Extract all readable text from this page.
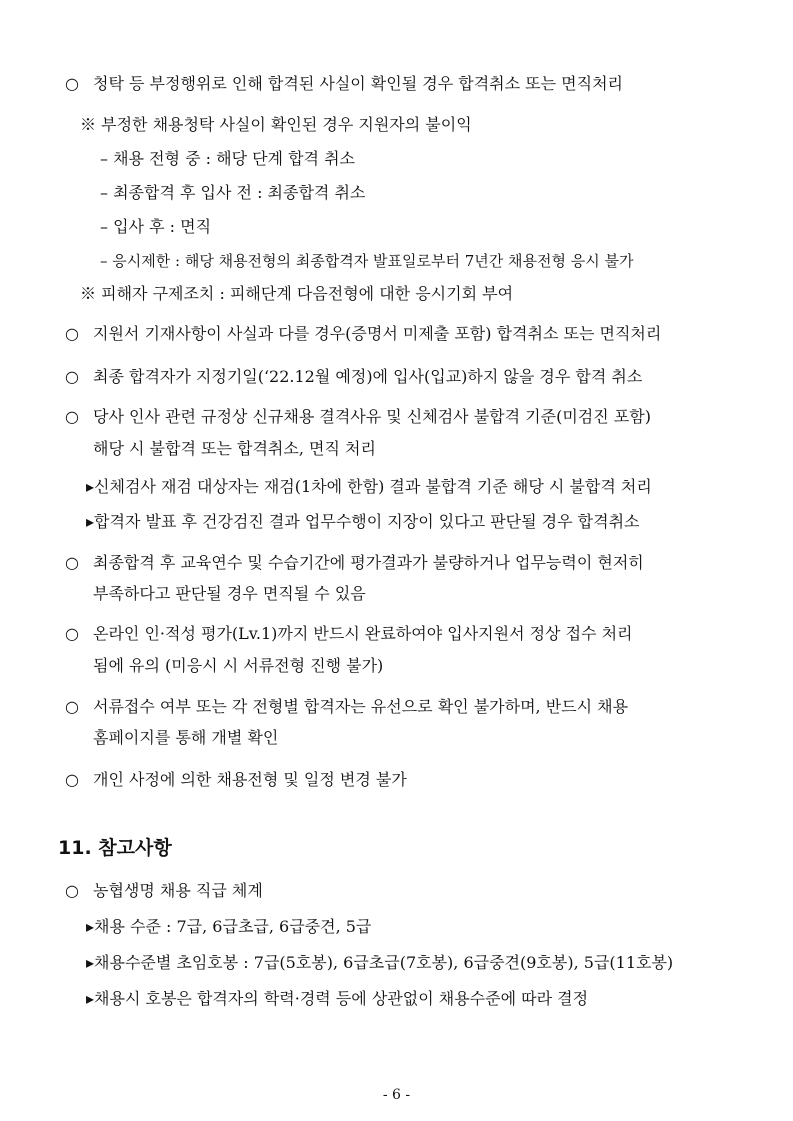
○ 청탁 등 부정행위로 인해 합격된 사실이 확인될 경우 합격취소 또는 면직처리
※ 부정한 채용청탁 사실이 확인된 경우 지원자의 불이익
– 채용 전형 중 : 해당 단계 합격 취소
– 최종합격 후 입사 전 : 최종합격 취소
– 입사 후 : 면직
– 응시제한 : 해당 채용전형의 최종합격자 발표일로부터 7년간 채용전형 응시 불가
※ 피해자 구제조치 : 피해단계 다음전형에 대한 응시기회 부여
○ 지원서 기재사항이 사실과 다를 경우(증명서 미제출 포함) 합격취소 또는 면직처리
○ 최종 합격자가 지정기일(‘22.12월 예정)에 입사(입교)하지 않을 경우 합격 취소
○ 당사 인사 관련 규정상 신규채용 결격사유 및 신체검사 불합격 기준(미검진 포함)
해당 시 불합격 또는 합격취소, 면직 처리
▸신체검사 재검 대상자는 재검(1차에 한함) 결과 불합격 기준 해당 시 불합격 처리
▸합격자 발표 후 건강검진 결과 업무수행이 지장이 있다고 판단될 경우 합격취소
○ 최종합격 후 교육연수 및 수습기간에 평가결과가 불량하거나 업무능력이 현저히
부족하다고 판단될 경우 면직될 수 있음
○ 온라인 인·적성 평가(Lv.1)까지 반드시 완료하여야 입사지원서 정상 접수 처리
됨에 유의 (미응시 시 서류전형 진행 불가)
○ 서류접수 여부 또는 각 전형별 합격자는 유선으로 확인 불가하며, 반드시 채용
홈페이지를 통해 개별 확인
○ 개인 사정에 의한 채용전형 및 일정 변경 불가
11. 참고사항
○ 농협생명 채용 직급 체계
▸채용 수준 : 7급, 6급초급, 6급중견, 5급
▸채용수준별 초임호봉 : 7급(5호봉), 6급초급(7호봉), 6급중견(9호봉), 5급(11호봉)
▸채용시 호봉은 합격자의 학력·경력 등에 상관없이 채용수준에 따라 결정
- 6 -
